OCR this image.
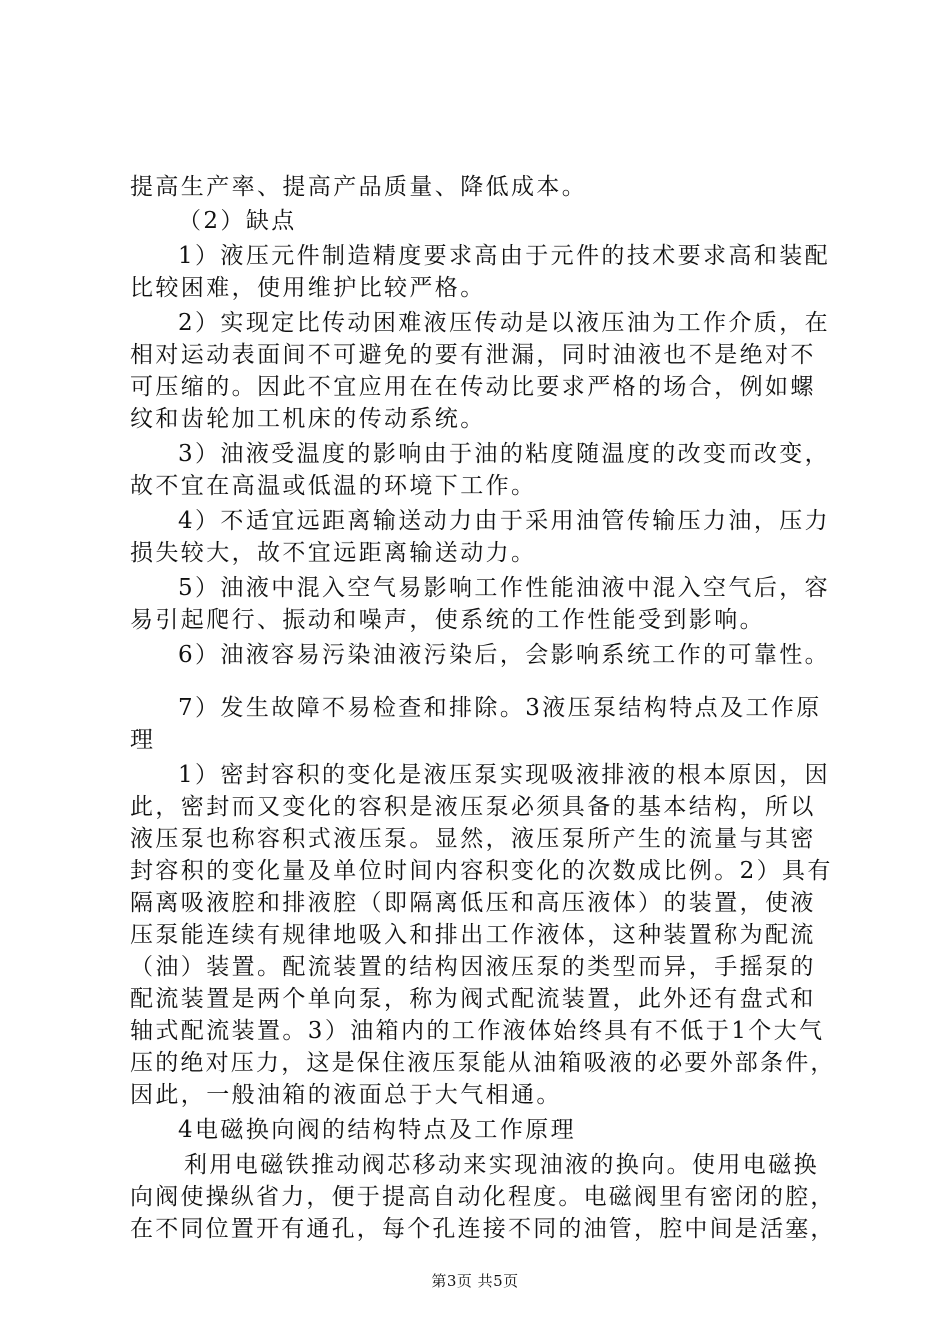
提高生产率、提高产品质量、降低成本。
（2）缺点
1）液压元件制造精度要求高由于元件的技术要求高和装配
比较困难，使用维护比较严格。
2）实现定比传动困难液压传动是以液压油为工作介质，在
相对运动表面间不可避免的要有泄漏，同时油液也不是绝对不
可压缩的。因此不宜应用在在传动比要求严格的场合，例如螺
纹和齿轮加工机床的传动系统。
3）油液受温度的影响由于油的粘度随温度的改变而改变，
故不宜在高温或低温的环境下工作。
4）不适宜远距离输送动力由于采用油管传输压力油，压力
损失较大，故不宜远距离输送动力。
5）油液中混入空气易影响工作性能油液中混入空气后，容
易引起爬行、振动和噪声，使系统的工作性能受到影响。
6）油液容易污染油液污染后，会影响系统工作的可靠性。
7）发生故障不易检查和排除。3液压泵结构特点及工作原
理
1）密封容积的变化是液压泵实现吸液排液的根本原因，因
此，密封而又变化的容积是液压泵必须具备的基本结构，所以
液压泵也称容积式液压泵。显然，液压泵所产生的流量与其密
封容积的变化量及单位时间内容积变化的次数成比例。2）具有
隔离吸液腔和排液腔（即隔离低压和高压液体）的装置，使液
压泵能连续有规律地吸入和排出工作液体，这种装置称为配流
（油）装置。配流装置的结构因液压泵的类型而异，手摇泵的
配流装置是两个单向泵，称为阀式配流装置，此外还有盘式和
轴式配流装置。3）油箱内的工作液体始终具有不低于1个大气
压的绝对压力，这是保住液压泵能从油箱吸液的必要外部条件，
因此，一般油箱的液面总于大气相通。
4电磁换向阀的结构特点及工作原理
利用电磁铁推动阀芯移动来实现油液的换向。使用电磁换
向阀使操纵省力，便于提高自动化程度。电磁阀里有密闭的腔，
在不同位置开有通孔，每个孔连接不同的油管，腔中间是活塞，
第3页 共5页
